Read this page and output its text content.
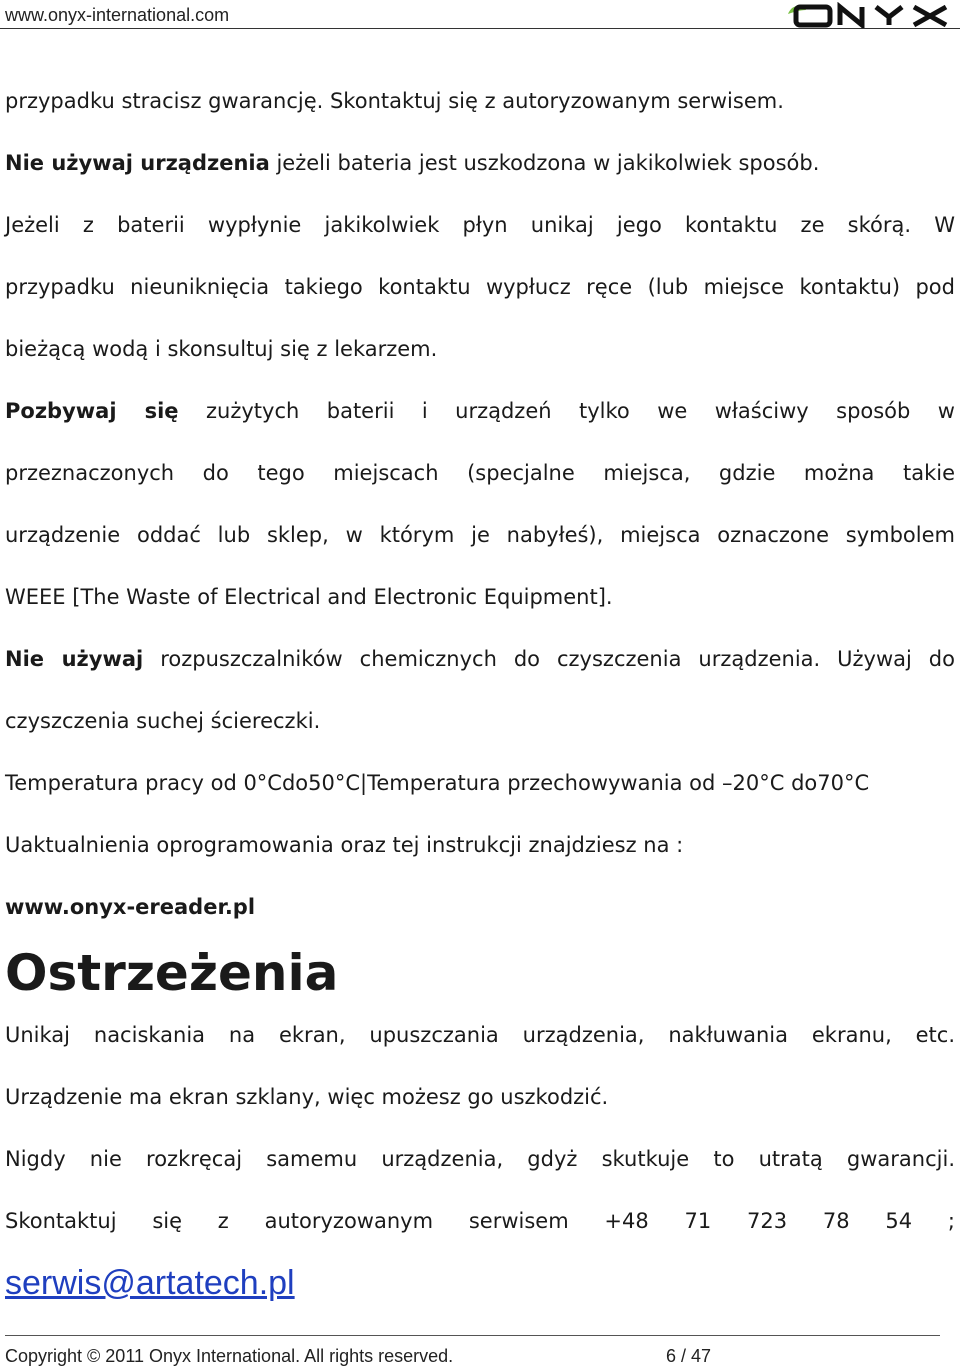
www.onyx-international.com

przypadku stracisz gwarancję. Skontaktuj się z autoryzowanym serwisem.

Nie używaj urządzenia jeżeli bateria jest uszkodzona w jakikolwiek sposób.

Jeżeli z baterii wypłynie jakikolwiek płyn unikaj jego kontaktu ze skórą. W

przypadku nieuniknięcia takiego kontaktu wypłucz ręce (lub miejsce kontaktu) pod

bieżącą wodą i skonsultuj się z lekarzem.

Pozbywaj się zużytych baterii i urządzeń tylko we właściwy sposób w

przeznaczonych do tego miejscach (specjalne miejsca, gdzie można takie

urządzenie oddać lub sklep, w którym je nabyłeś), miejsca oznaczone symbolem

WEEE [The Waste of Electrical and Electronic Equipment].

Nie używaj rozpuszczalników chemicznych do czyszczenia urządzenia. Używaj do

czyszczenia suchej ściereczki.

Temperatura pracy od 0°Cdo50°C|Temperatura przechowywania od –20°C do70°C

Uaktualnienia oprogramowania oraz tej instrukcji znajdziesz na :

www.onyx-ereader.pl

Ostrzeżenia

Unikaj naciskania na ekran, upuszczania urządzenia, nakłuwania ekranu, etc.

Urządzenie ma ekran szklany, więc możesz go uszkodzić.

Nigdy nie rozkręcaj samemu urządzenia, gdyż skutkuje to utratą gwarancji.

Skontaktuj się z autoryzowanym serwisem +48 71 723 78 54 ;

serwis@artatech.pl
Copyright © 2011 Onyx International. All rights reserved.	6 / 47
